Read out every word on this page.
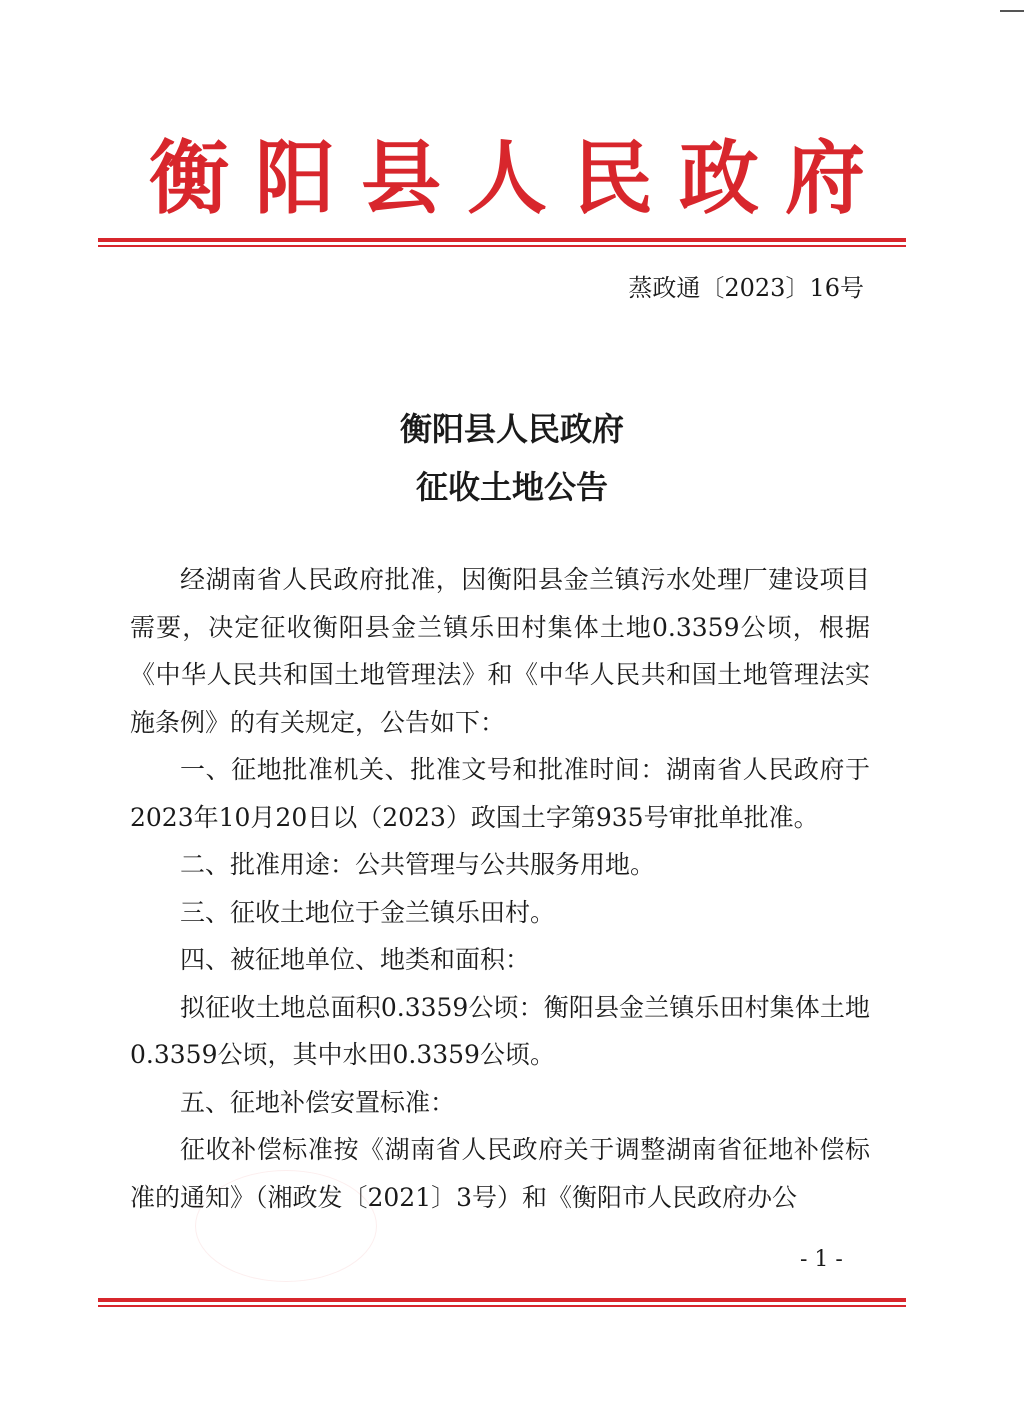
衡阳县人民政府
蒸政通〔2023〕16号
衡阳县人民政府
征收土地公告

经湖南省人民政府批准，因衡阳县金兰镇污水处理厂建设项目需要，决定征收衡阳县金兰镇乐田村集体土地0.3359公顷，根据《中华人民共和国土地管理法》和《中华人民共和国土地管理法实施条例》的有关规定，公告如下：

一、征地批准机关、批准文号和批准时间：湖南省人民政府于2023年10月20日以（2023）政国土字第935号审批单批准。

二、批准用途：公共管理与公共服务用地。

三、征收土地位于金兰镇乐田村。

四、被征地单位、地类和面积：

拟征收土地总面积0.3359公顷：衡阳县金兰镇乐田村集体土地0.3359公顷，其中水田0.3359公顷。

五、征地补偿安置标准：

征收补偿标准按《湖南省人民政府关于调整湖南省征地补偿标准的通知》（湘政发〔2021〕3号）和《衡阳市人民政府办公

- 1 -
